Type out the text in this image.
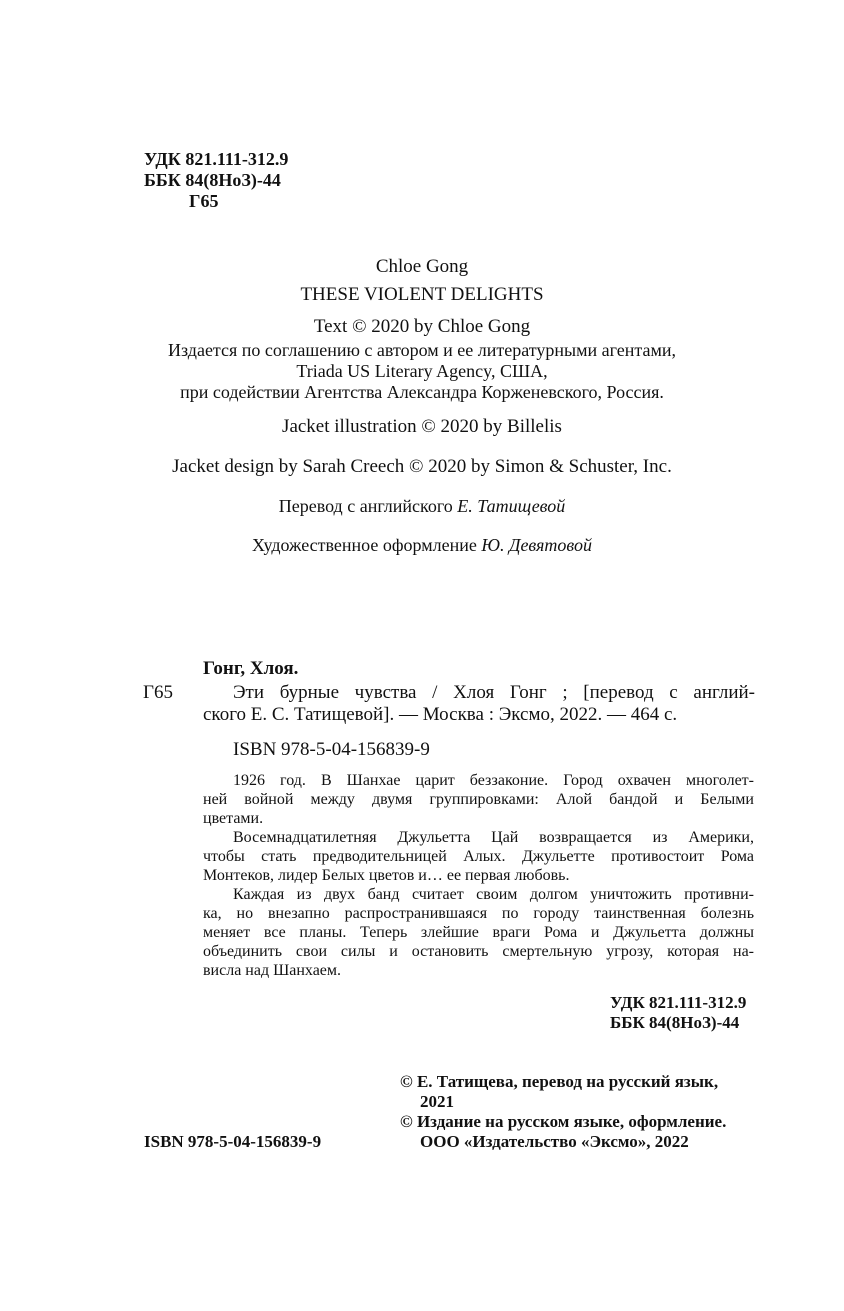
УДК 821.111-312.9
ББК 84(8НоЗ)-44
Г65
Chloe Gong
THESE VIOLENT DELIGHTS
Text © 2020 by Chloe Gong
Издается по соглашению с автором и ее литературными агентами,
Triada US Literary Agency, США,
при содействии Агентства Александра Корженевского, Россия.
Jacket illustration © 2020 by Billelis
Jacket design by Sarah Creech © 2020 by Simon & Schuster, Inc.
Перевод с английского Е. Татищевой
Художественное оформление Ю. Девятовой
Гонг, Хлоя.
Г65	Эти бурные чувства / Хлоя Гонг ; [перевод с англий-
ского Е. С. Татищевой]. — Москва : Эксмо, 2022. — 464 с.
ISBN 978-5-04-156839-9
1926 год. В Шанхае царит беззаконие. Город охвачен многолет-
ней войной между двумя группировками: Алой бандой и Белыми
цветами.
Восемнадцатилетняя Джульетта Цай возвращается из Америки,
чтобы стать предводительницей Алых. Джульетте противостоит Рома
Монтеков, лидер Белых цветов и… ее первая любовь.
Каждая из двух банд считает своим долгом уничтожить противни-
ка, но внезапно распространившаяся по городу таинственная болезнь
меняет все планы. Теперь злейшие враги Рома и Джульетта должны
объединить свои силы и остановить смертельную угрозу, которая на-
висла над Шанхаем.
УДК 821.111-312.9
ББК 84(8НоЗ)-44
© Е. Татищева, перевод на русский язык,
2021
© Издание на русском языке, оформление.
ООО «Издательство «Эксмо», 2022
ISBN 978-5-04-156839-9
